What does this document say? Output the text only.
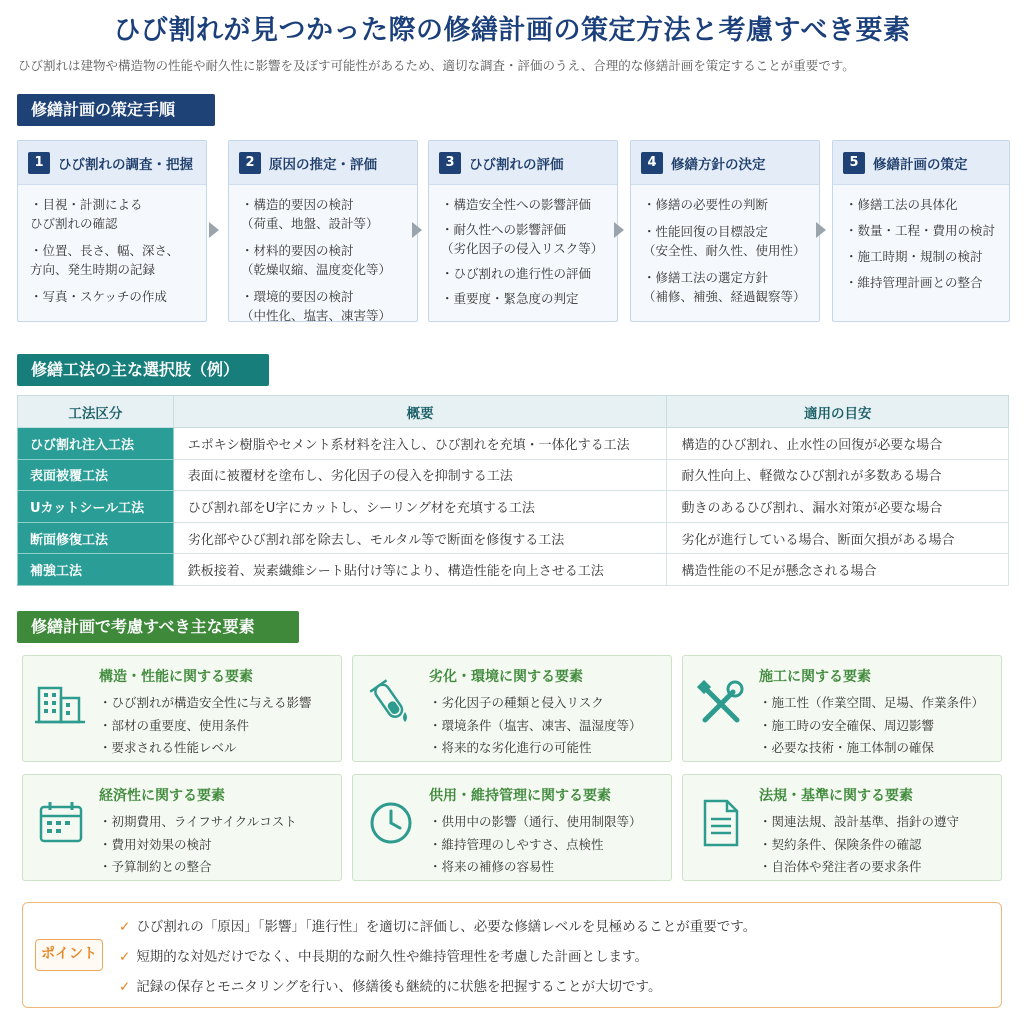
ひび割れが見つかった際の修繕計画の策定方法と考慮すべき要素
ひび割れは建物や構造物の性能や耐久性に影響を及ぼす可能性があるため、適切な調査・評価のうえ、合理的な修繕計画を策定することが重要です。
修繕計画の策定手順
1	ひび割れの調査・把握
・目視・計測による
ひび割れの確認
・位置、長さ、幅、深さ、
方向、発生時期の記録
・写真・スケッチの作成
2	原因の推定・評価
・構造的要因の検討
（荷重、地盤、設計等）
・材料的要因の検討
（乾燥収縮、温度変化等）
・環境的要因の検討
（中性化、塩害、凍害等）
3	ひび割れの評価
・構造安全性への影響評価
・耐久性への影響評価
（劣化因子の侵入リスク等）
・ひび割れの進行性の評価
・重要度・緊急度の判定
4	修繕方針の決定
・修繕の必要性の判断
・性能回復の目標設定
（安全性、耐久性、使用性）
・修繕工法の選定方針
（補修、補強、経過観察等）
5	修繕計画の策定
・修繕工法の具体化
・数量・工程・費用の検討
・施工時期・規制の検討
・維持管理計画との整合
修繕工法の主な選択肢（例）
工法区分	概要	適用の目安
ひび割れ注入工法	エポキシ樹脂やセメント系材料を注入し、ひび割れを充填・一体化する工法	構造的ひび割れ、止水性の回復が必要な場合
表面被覆工法	表面に被覆材を塗布し、劣化因子の侵入を抑制する工法	耐久性向上、軽微なひび割れが多数ある場合
Uカットシール工法	ひび割れ部をU字にカットし、シーリング材を充填する工法	動きのあるひび割れ、漏水対策が必要な場合
断面修復工法	劣化部やひび割れ部を除去し、モルタル等で断面を修復する工法	劣化が進行している場合、断面欠損がある場合
補強工法	鉄板接着、炭素繊維シート貼付け等により、構造性能を向上させる工法	構造性能の不足が懸念される場合
修繕計画で考慮すべき主な要素
構造・性能に関する要素
・ひび割れが構造安全性に与える影響
・部材の重要度、使用条件
・要求される性能レベル
劣化・環境に関する要素
・劣化因子の種類と侵入リスク
・環境条件（塩害、凍害、温湿度等）
・将来的な劣化進行の可能性
施工に関する要素
・施工性（作業空間、足場、作業条件）
・施工時の安全確保、周辺影響
・必要な技術・施工体制の確保
経済性に関する要素
・初期費用、ライフサイクルコスト
・費用対効果の検討
・予算制約との整合
供用・維持管理に関する要素
・供用中の影響（通行、使用制限等）
・維持管理のしやすさ、点検性
・将来の補修の容易性
法規・基準に関する要素
・関連法規、設計基準、指針の遵守
・契約条件、保険条件の確認
・自治体や発注者の要求条件
ポイント
✓ ひび割れの「原因」「影響」「進行性」を適切に評価し、必要な修繕レベルを見極めることが重要です。
✓ 短期的な対処だけでなく、中長期的な耐久性や維持管理性を考慮した計画とします。
✓ 記録の保存とモニタリングを行い、修繕後も継続的に状態を把握することが大切です。
